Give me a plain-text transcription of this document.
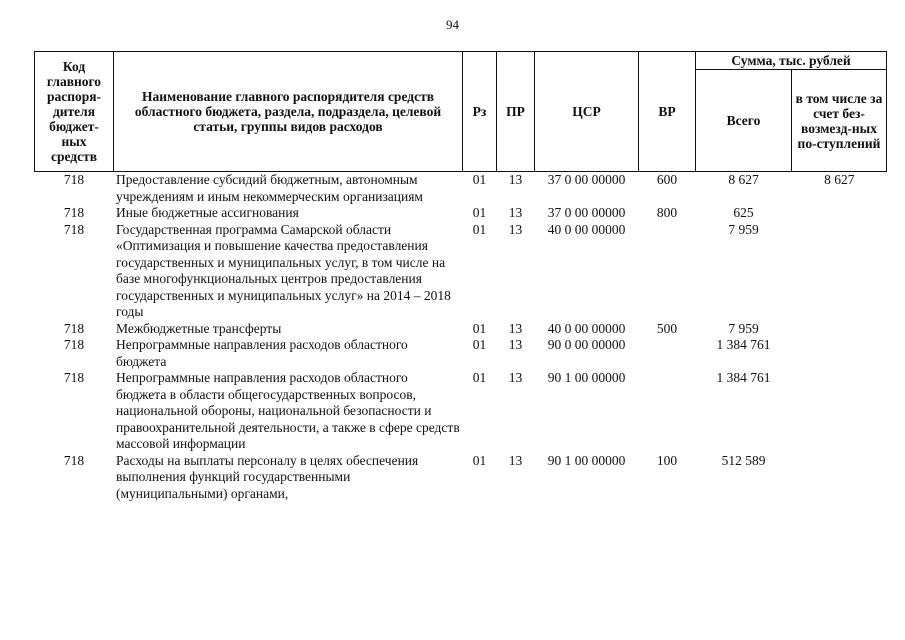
94
Код главного распоря-дителя бюджет-ных средств	Наименование главного распорядителя средств областного бюджета, раздела, подраздела, целевой статьи, группы видов расходов	Рз	ПР	ЦСР	ВР	Сумма, тыс. рублей	
						Всего	в том числе за счет без-возмезд-ных по-ступлений
718	Предоставление субсидий бюджетным, автономным учреждениям и иным некоммерческим организациям	01	13	37 0 00 00000	600	8 627	8 627
718	Иные бюджетные ассигнования	01	13	37 0 00 00000	800	625	
718	Государственная программа Самарской области «Оптимизация и повышение качества предоставления государственных и муниципальных услуг, в том числе на базе многофункциональных центров предоставления государственных и муниципальных услуг» на 2014 – 2018 годы	01	13	40 0 00 00000		7 959	
718	Межбюджетные трансферты	01	13	40 0 00 00000	500	7 959	
718	Непрограммные направления расходов областного бюджета	01	13	90 0 00 00000		1 384 761	
718	Непрограммные направления расходов областного бюджета в области общегосударственных вопросов, национальной обороны, национальной безопасности и правоохранительной деятельности, а также в сфере средств массовой информации	01	13	90 1 00 00000		1 384 761	
718	Расходы на выплаты персоналу в целях обеспечения выполнения функций государственными (муниципальными) органами,	01	13	90 1 00 00000	100	512 589	
